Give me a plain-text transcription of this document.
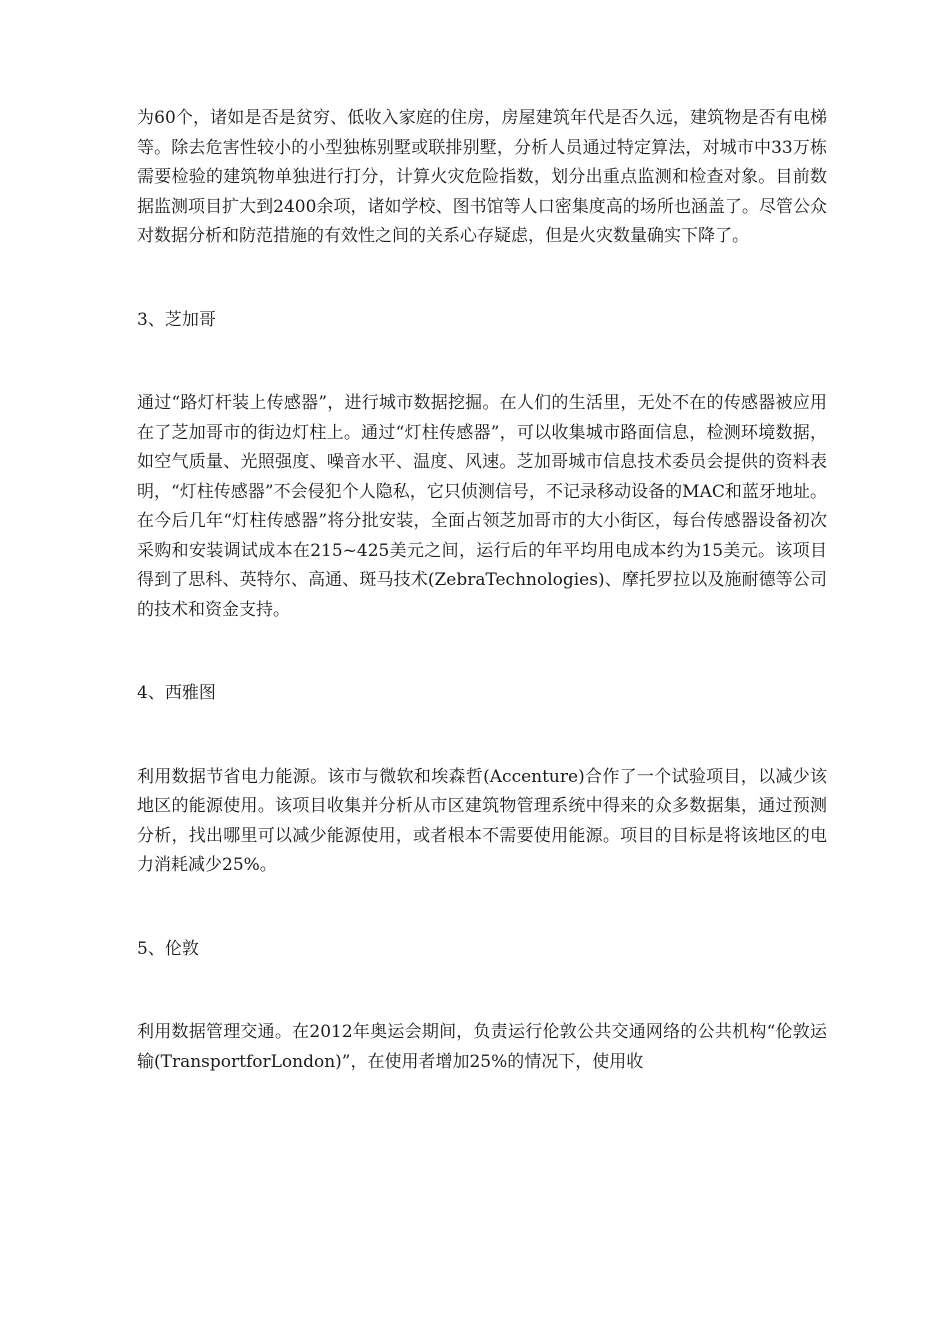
为60个，诸如是否是贫穷、低收入家庭的住房，房屋建筑年代是否久远，建筑物是否有电梯等。除去危害性较小的小型独栋别墅或联排别墅，分析人员通过特定算法，对城市中33万栋需要检验的建筑物单独进行打分，计算火灾危险指数，划分出重点监测和检查对象。目前数据监测项目扩大到2400余项，诸如学校、图书馆等人口密集度高的场所也涵盖了。尽管公众对数据分析和防范措施的有效性之间的关系心存疑虑，但是火灾数量确实下降了。

3、芝加哥

通过“路灯杆装上传感器”，进行城市数据挖掘。在人们的生活里，无处不在的传感器被应用在了芝加哥市的街边灯柱上。通过“灯柱传感器”，可以收集城市路面信息，检测环境数据，如空气质量、光照强度、噪音水平、温度、风速。芝加哥城市信息技术委员会提供的资料表明，“灯柱传感器”不会侵犯个人隐私，它只侦测信号，不记录移动设备的MAC和蓝牙地址。在今后几年“灯柱传感器”将分批安装，全面占领芝加哥市的大小街区，每台传感器设备初次采购和安装调试成本在215~425美元之间，运行后的年平均用电成本约为15美元。该项目得到了思科、英特尔、高通、斑马技术(ZebraTechnologies)、摩托罗拉以及施耐德等公司的技术和资金支持。

4、西雅图

利用数据节省电力能源。该市与微软和埃森哲(Accenture)合作了一个试验项目，以减少该地区的能源使用。该项目收集并分析从市区建筑物管理系统中得来的众多数据集，通过预测分析，找出哪里可以减少能源使用，或者根本不需要使用能源。项目的目标是将该地区的电力消耗减少25%。

5、伦敦

利用数据管理交通。在2012年奥运会期间，负责运行伦敦公共交通网络的公共机构“伦敦运输(TransportforLondon)”，在使用者增加25%的情况下，使用收
